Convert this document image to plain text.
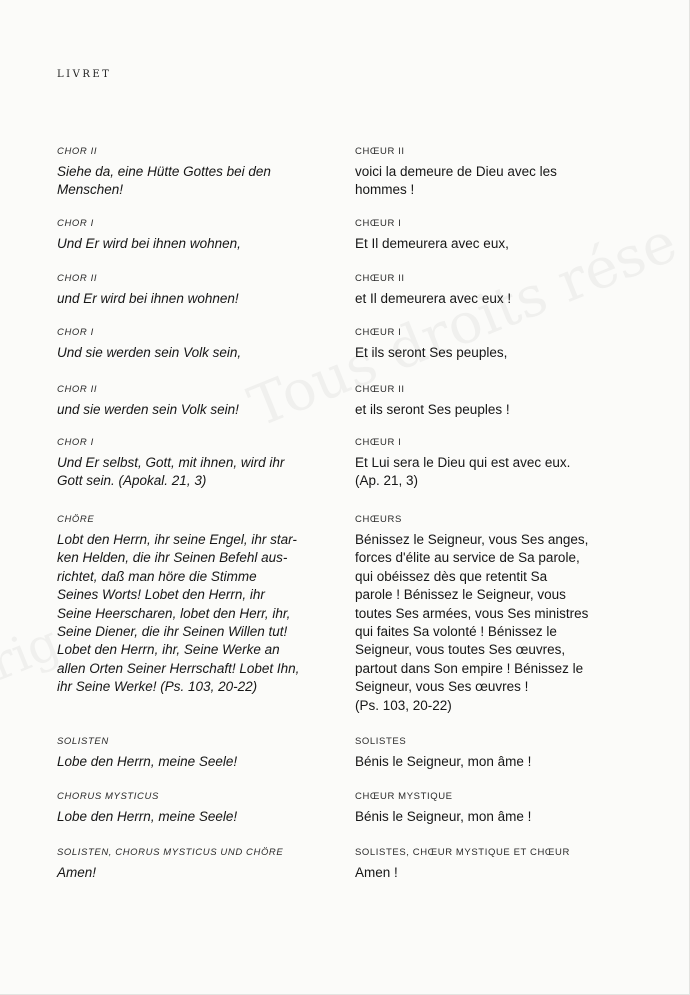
LIVRET
CHOR II
Siehe da, eine Hütte Gottes bei den
Menschen!
CHOR I
Und Er wird bei ihnen wohnen,
CHOR II
und Er wird bei ihnen wohnen!
CHOR I
Und sie werden sein Volk sein,
CHOR II
und sie werden sein Volk sein!
CHOR I
Und Er selbst, Gott, mit ihnen, wird ihr
Gott sein. (Apokal. 21, 3)
CHÖRE
Lobt den Herrn, ihr seine Engel, ihr star-
ken Helden, die ihr Seinen Befehl aus-
richtet, daß man höre die Stimme
Seines Worts! Lobet den Herrn, ihr
Seine Heerscharen, lobet den Herr, ihr,
Seine Diener, die ihr Seinen Willen tut!
Lobet den Herrn, ihr, Seine Werke an
allen Orten Seiner Herrschaft! Lobet Ihn,
ihr Seine Werke! (Ps. 103, 20-22)
SOLISTEN
Lobe den Herrn, meine Seele!
CHORUS MYSTICUS
Lobe den Herrn, meine Seele!
SOLISTEN, CHORUS MYSTICUS UND CHÖRE
Amen!
CHŒUR II
voici la demeure de Dieu avec les
hommes !
CHŒUR I
Et Il demeurera avec eux,
CHŒUR II
et Il demeurera avec eux !
CHŒUR I
Et ils seront Ses peuples,
CHŒUR II
et ils seront Ses peuples !
CHŒUR I
Et Lui sera le Dieu qui est avec eux.
(Ap. 21, 3)
CHŒURS
Bénissez le Seigneur, vous Ses anges,
forces d'élite au service de Sa parole,
qui obéissez dès que retentit Sa
parole ! Bénissez le Seigneur, vous
toutes Ses armées, vous Ses ministres
qui faites Sa volonté ! Bénissez le
Seigneur, vous toutes Ses œuvres,
partout dans Son empire ! Bénissez le
Seigneur, vous Ses œuvres !
(Ps. 103, 20-22)
SOLISTES
Bénis le Seigneur, mon âme !
CHŒUR MYSTIQUE
Bénis le Seigneur, mon âme !
SOLISTES, CHŒUR MYSTIQUE ET CHŒUR
Amen !
